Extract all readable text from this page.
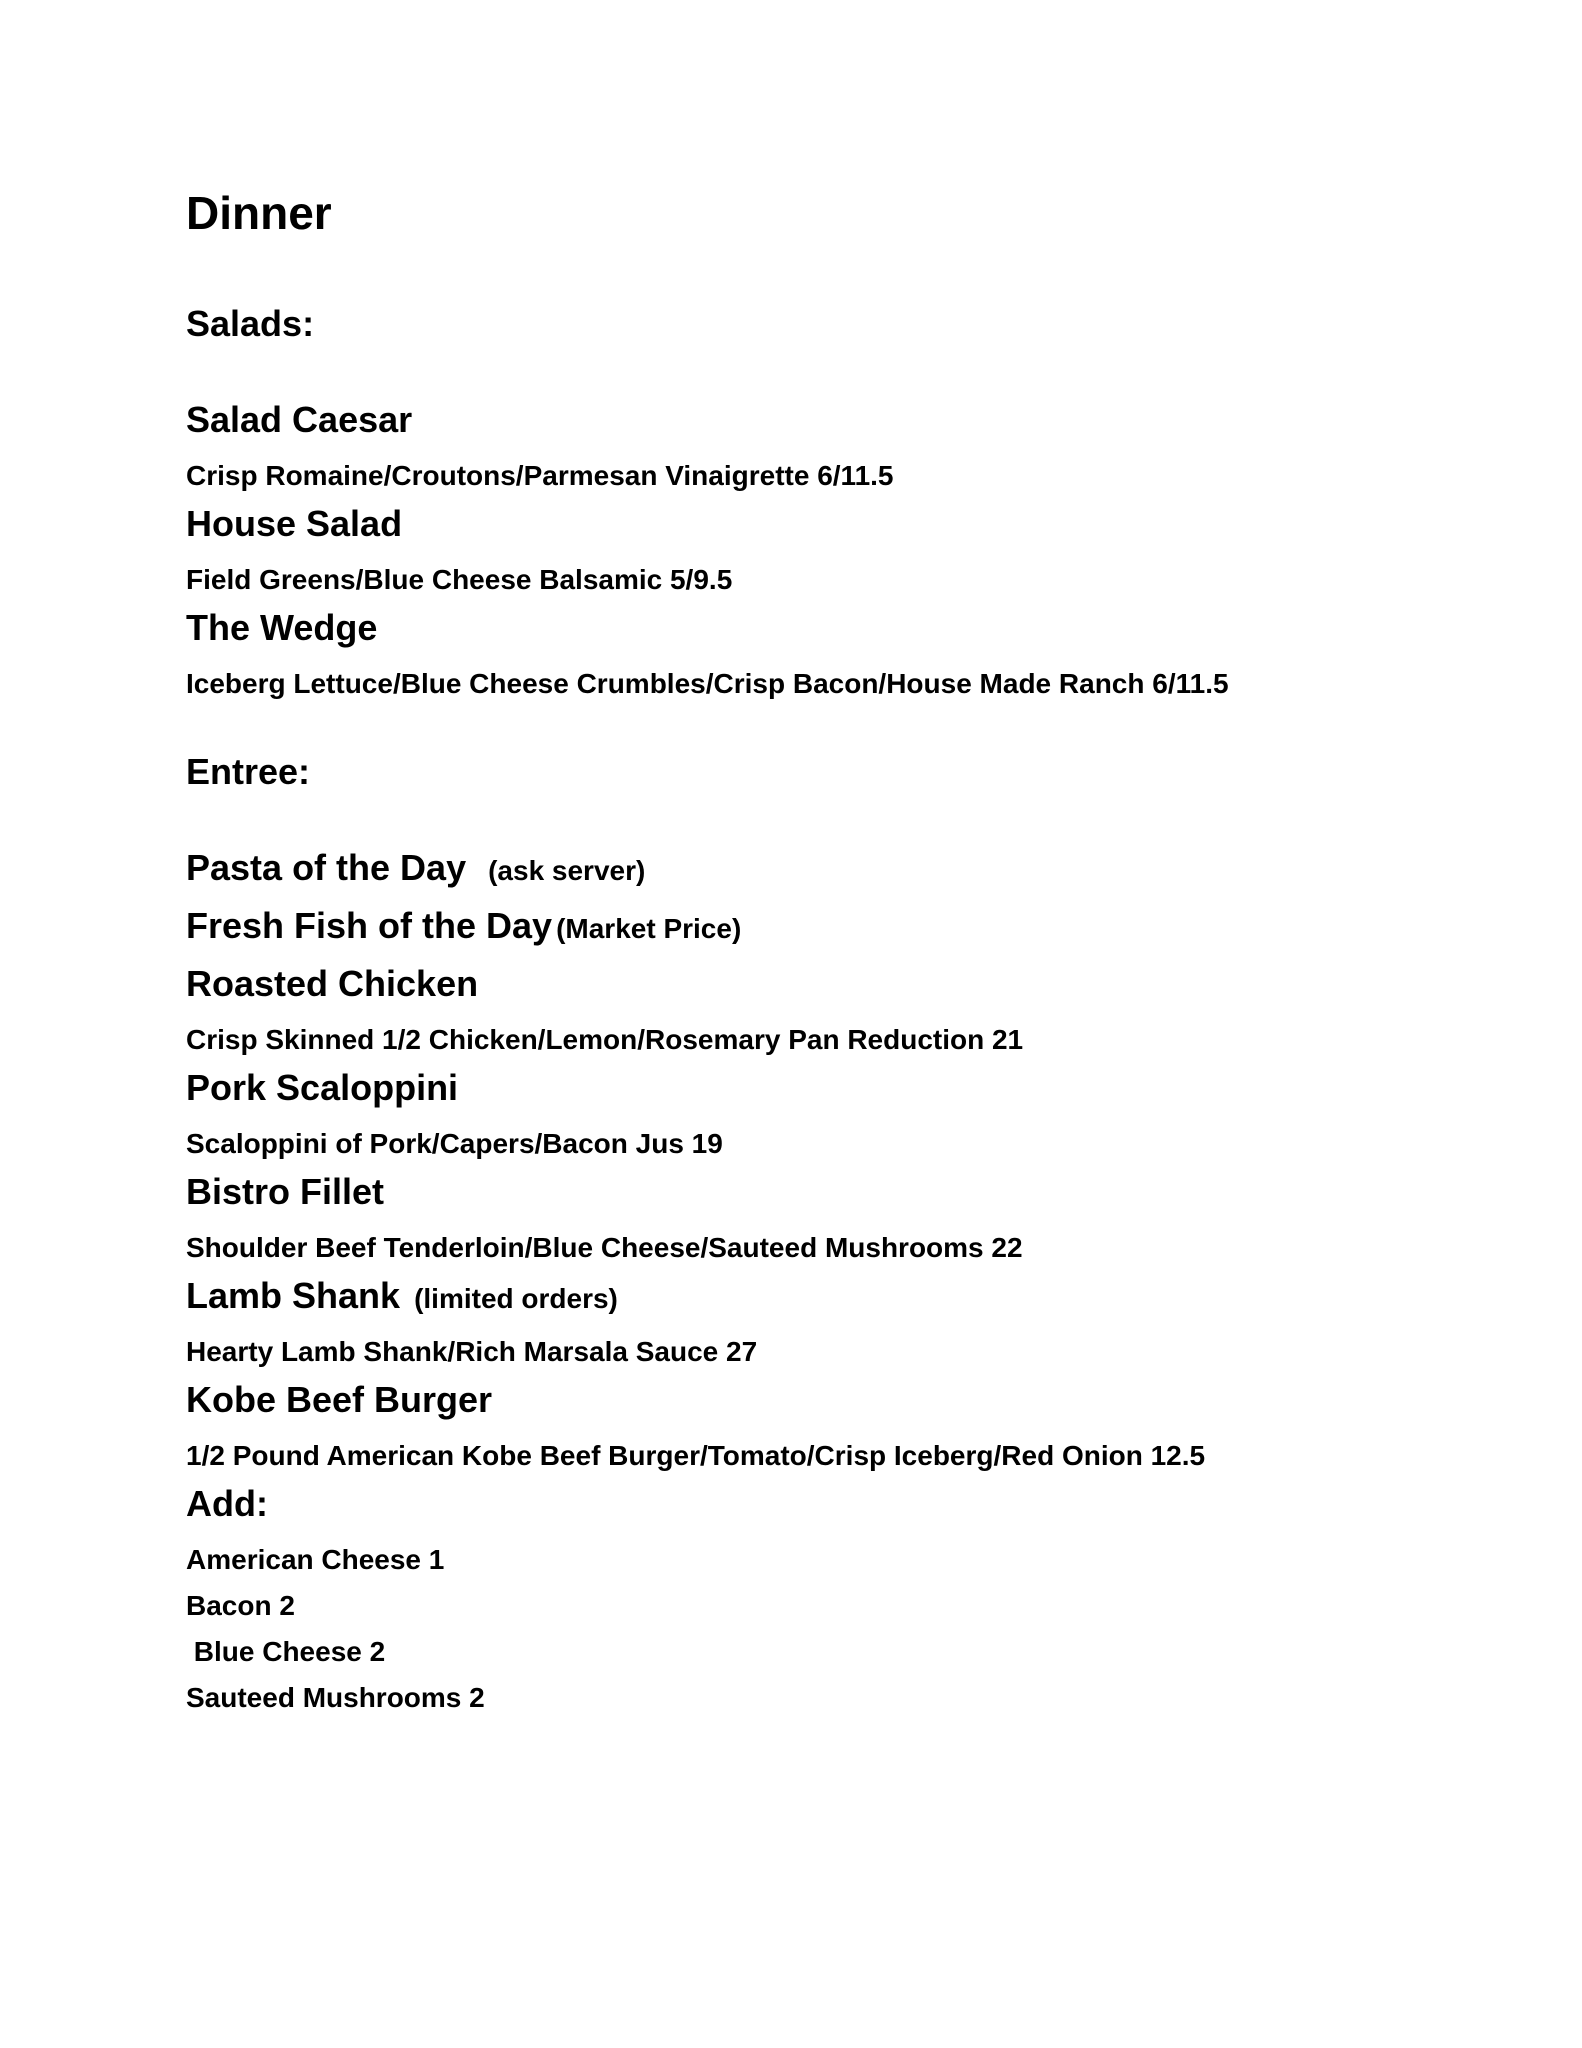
Dinner
Salads:
Salad Caesar
Crisp Romaine/Croutons/Parmesan Vinaigrette 6/11.5
House Salad
Field Greens/Blue Cheese Balsamic 5/9.5
The Wedge
Iceberg Lettuce/Blue Cheese Crumbles/Crisp Bacon/House Made Ranch 6/11.5
Entree:
Pasta of the Day (ask server)
Fresh Fish of the Day (Market Price)
Roasted Chicken
Crisp Skinned 1/2 Chicken/Lemon/Rosemary Pan Reduction 21
Pork Scaloppini
Scaloppini of Pork/Capers/Bacon Jus 19
Bistro Fillet
Shoulder Beef Tenderloin/Blue Cheese/Sauteed Mushrooms 22
Lamb Shank (limited orders)
Hearty Lamb Shank/Rich Marsala Sauce 27
Kobe Beef Burger
1/2 Pound American Kobe Beef Burger/Tomato/Crisp Iceberg/Red Onion 12.5
Add:
American Cheese 1
Bacon 2
Blue Cheese 2
Sauteed Mushrooms 2
